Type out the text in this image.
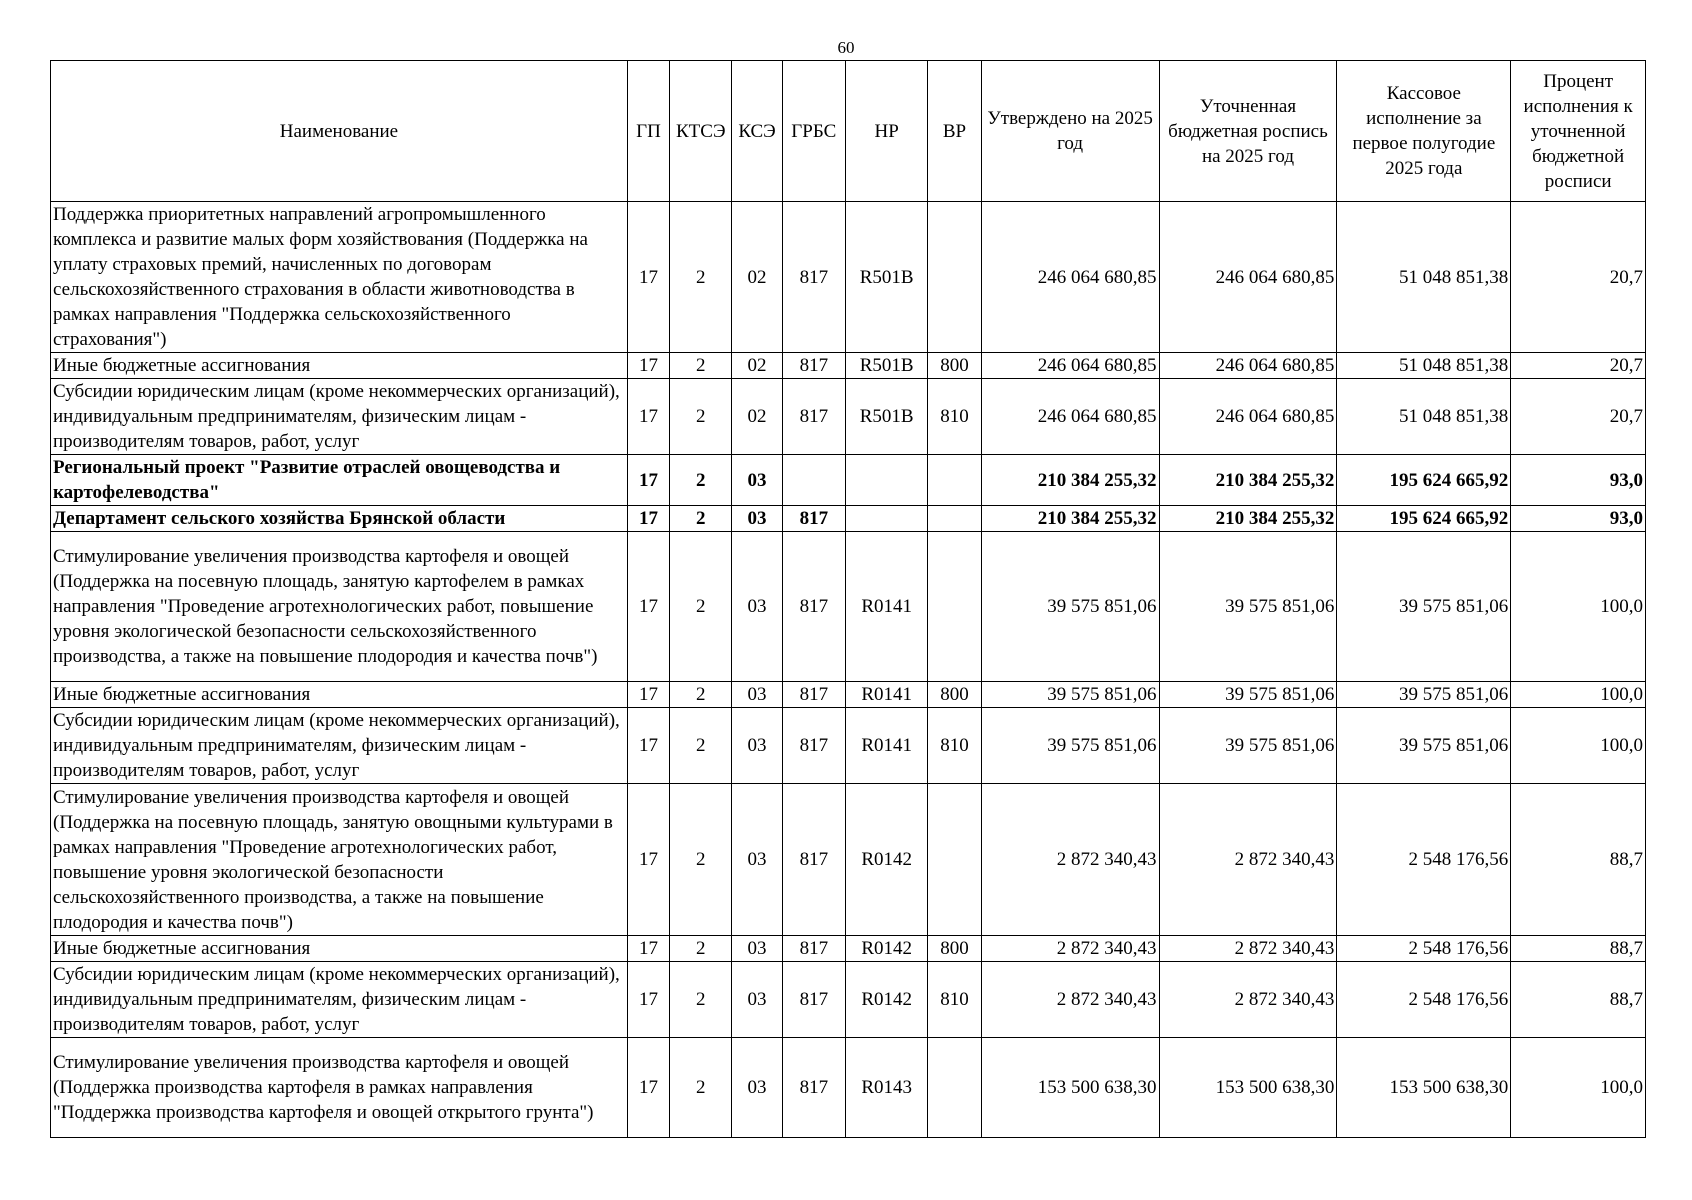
60
Наименование	ГП	КТСЭ	КСЭ	ГРБС	НР	ВР	Утверждено на 2025 год	Уточненная бюджетная роспись на 2025 год	Кассовое исполнение за первое полугодие 2025 года	Процент исполнения к уточненной бюджетной росписи
Поддержка приоритетных направлений агропромышленного комплекса и развитие малых форм хозяйствования (Поддержка на уплату страховых премий, начисленных по договорам сельскохозяйственного страхования в области животноводства в рамках направления "Поддержка сельскохозяйственного страхования")	17	2	02	817	R501B		246 064 680,85	246 064 680,85	51 048 851,38	20,7
Иные бюджетные ассигнования	17	2	02	817	R501B	800	246 064 680,85	246 064 680,85	51 048 851,38	20,7
Субсидии юридическим лицам (кроме некоммерческих организаций), индивидуальным предпринимателям, физическим лицам - производителям товаров, работ, услуг	17	2	02	817	R501B	810	246 064 680,85	246 064 680,85	51 048 851,38	20,7
Региональный проект "Развитие отраслей овощеводства и картофелеводства"	17	2	03				210 384 255,32	210 384 255,32	195 624 665,92	93,0
Департамент сельского хозяйства Брянской области	17	2	03	817			210 384 255,32	210 384 255,32	195 624 665,92	93,0
Стимулирование увеличения производства картофеля и овощей (Поддержка на посевную площадь, занятую картофелем в рамках направления "Проведение агротехнологических работ, повышение уровня экологической безопасности сельскохозяйственного производства, а также на повышение плодородия и качества почв")	17	2	03	817	R0141		39 575 851,06	39 575 851,06	39 575 851,06	100,0
Иные бюджетные ассигнования	17	2	03	817	R0141	800	39 575 851,06	39 575 851,06	39 575 851,06	100,0
Субсидии юридическим лицам (кроме некоммерческих организаций), индивидуальным предпринимателям, физическим лицам - производителям товаров, работ, услуг	17	2	03	817	R0141	810	39 575 851,06	39 575 851,06	39 575 851,06	100,0
Стимулирование увеличения производства картофеля и овощей (Поддержка на посевную площадь, занятую овощными культурами в рамках направления "Проведение агротехнологических работ, повышение уровня экологической безопасности сельскохозяйственного производства, а также на повышение плодородия и качества почв")	17	2	03	817	R0142		2 872 340,43	2 872 340,43	2 548 176,56	88,7
Иные бюджетные ассигнования	17	2	03	817	R0142	800	2 872 340,43	2 872 340,43	2 548 176,56	88,7
Субсидии юридическим лицам (кроме некоммерческих организаций), индивидуальным предпринимателям, физическим лицам - производителям товаров, работ, услуг	17	2	03	817	R0142	810	2 872 340,43	2 872 340,43	2 548 176,56	88,7
Стимулирование увеличения производства картофеля и овощей (Поддержка производства картофеля в рамках направления "Поддержка производства картофеля и овощей открытого грунта")	17	2	03	817	R0143		153 500 638,30	153 500 638,30	153 500 638,30	100,0
